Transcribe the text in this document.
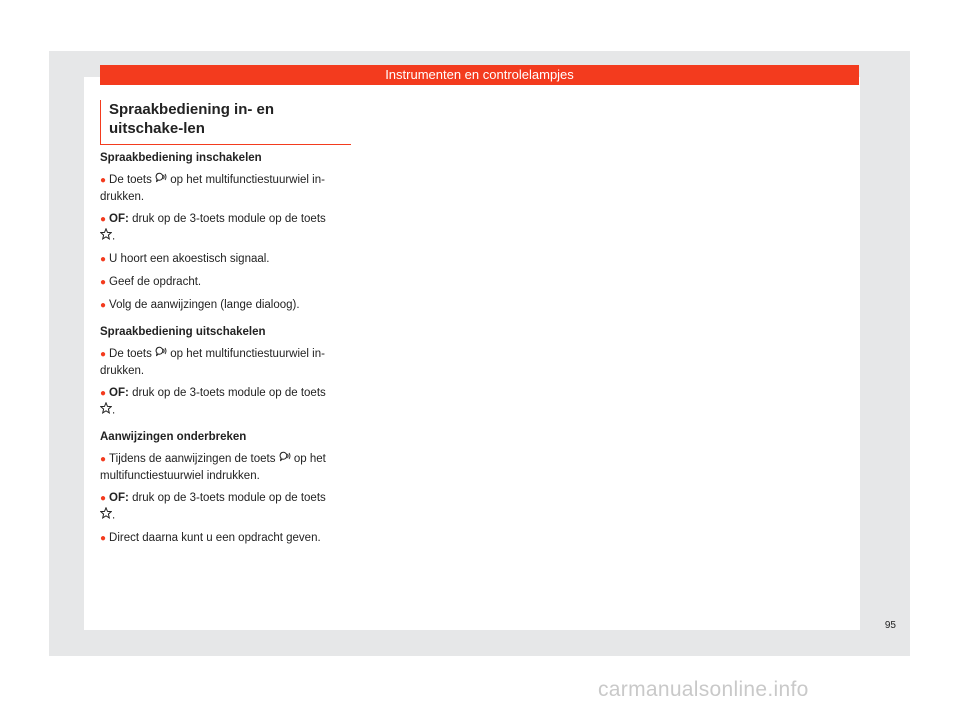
Instrumenten en controlelampjes
Spraakbediening in- en uitschake-len
Spraakbediening inschakelen

● De toets op het multifunctiestuurwiel in-drukken.

● OF: druk op de 3-toets module op de toets
.

● U hoort een akoestisch signaal.

● Geef de opdracht.

● Volg de aanwijzingen (lange dialoog).

Spraakbediening uitschakelen

● De toets op het multifunctiestuurwiel in-drukken.

● OF: druk op de 3-toets module op de toets
.

Aanwijzingen onderbreken

● Tijdens de aanwijzingen de toets op het multifunctiestuurwiel indrukken.

● OF: druk op de 3-toets module op de toets
.

● Direct daarna kunt u een opdracht geven.

95
carmanualsonline.info
